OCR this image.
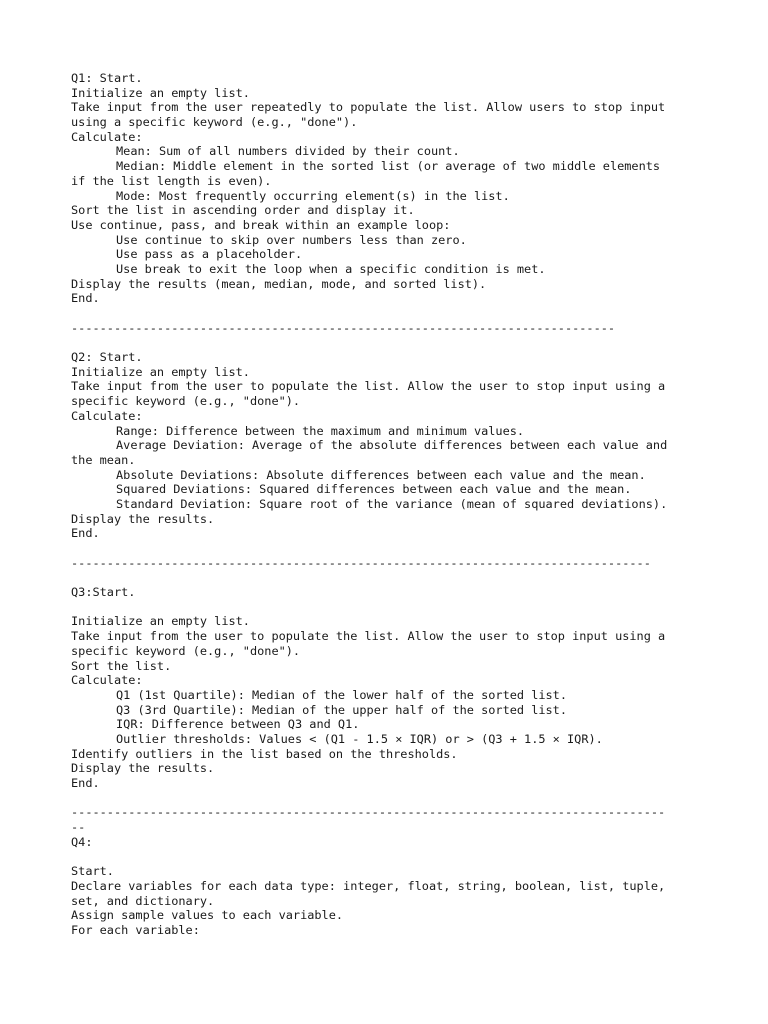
Q1: Start.
Initialize an empty list.
Take input from the user repeatedly to populate the list. Allow users to stop input
using a specific keyword (e.g., "done").
Calculate:
Mean: Sum of all numbers divided by their count.
Median: Middle element in the sorted list (or average of two middle elements
if the list length is even).
Mode: Most frequently occurring element(s) in the list.
Sort the list in ascending order and display it.
Use continue, pass, and break within an example loop:
Use continue to skip over numbers less than zero.
Use pass as a placeholder.
Use break to exit the loop when a specific condition is met.
Display the results (mean, median, mode, and sorted list).
End.
----------------------------------------------------------------------------
Q2: Start.
Initialize an empty list.
Take input from the user to populate the list. Allow the user to stop input using a
specific keyword (e.g., "done").
Calculate:
Range: Difference between the maximum and minimum values.
Average Deviation: Average of the absolute differences between each value and
the mean.
Absolute Deviations: Absolute differences between each value and the mean.
Squared Deviations: Squared differences between each value and the mean.
Standard Deviation: Square root of the variance (mean of squared deviations).
Display the results.
End.
---------------------------------------------------------------------------------
Q3:Start.
Initialize an empty list.
Take input from the user to populate the list. Allow the user to stop input using a
specific keyword (e.g., "done").
Sort the list.
Calculate:
Q1 (1st Quartile): Median of the lower half of the sorted list.
Q3 (3rd Quartile): Median of the upper half of the sorted list.
IQR: Difference between Q3 and Q1.
Outlier thresholds: Values < (Q1 - 1.5 × IQR) or > (Q3 + 1.5 × IQR).
Identify outliers in the list based on the thresholds.
Display the results.
End.
-----------------------------------------------------------------------------------
--
Q4:
Start.
Declare variables for each data type: integer, float, string, boolean, list, tuple,
set, and dictionary.
Assign sample values to each variable.
For each variable:
